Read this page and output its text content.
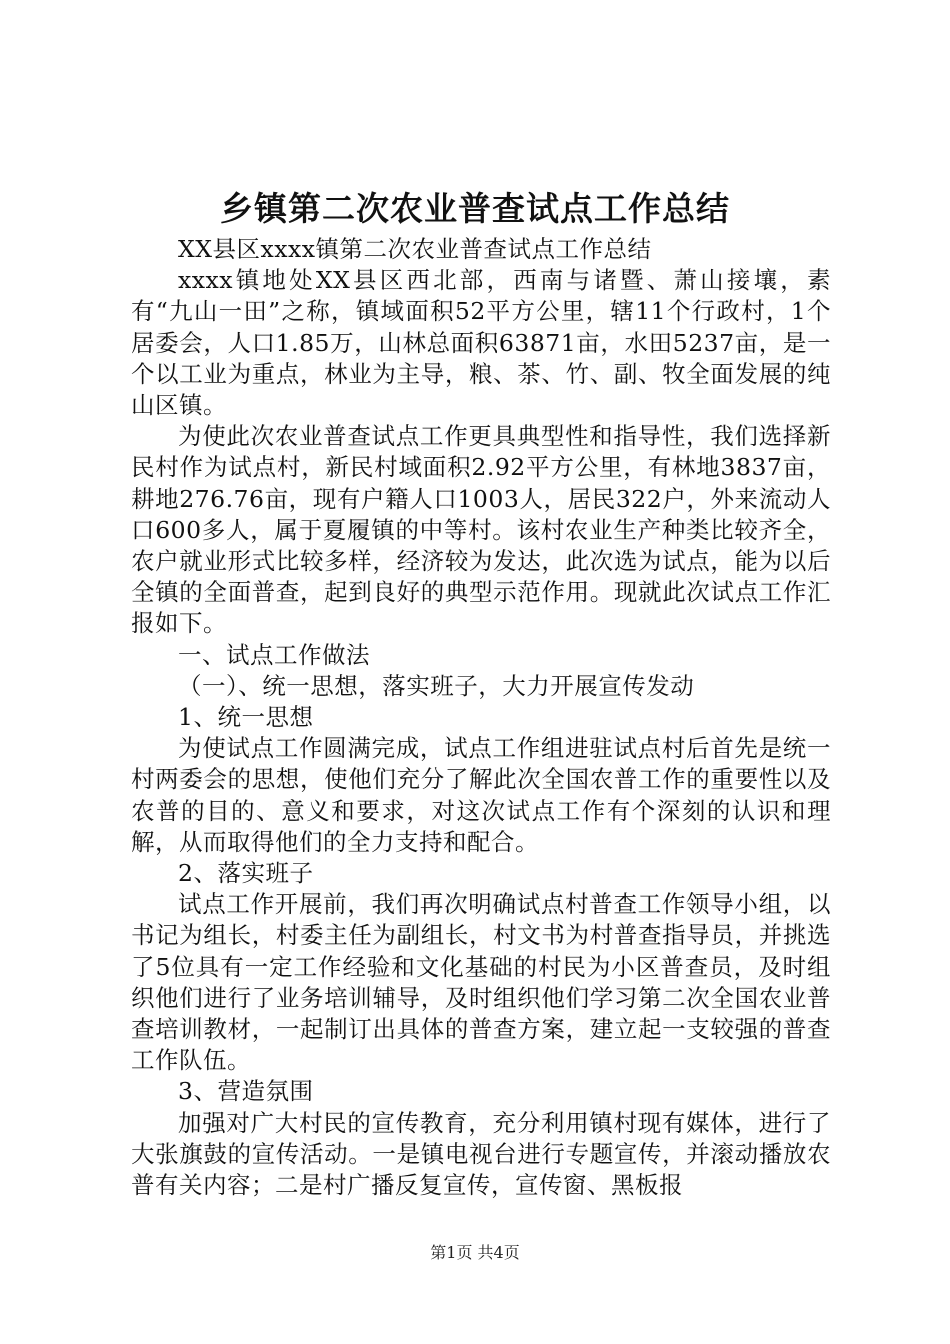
乡镇第二次农业普查试点工作总结

XX县区xxxx镇第二次农业普查试点工作总结

xxxx镇地处XX县区西北部，西南与诸暨、萧山接壤，素有“九山一田”之称，镇域面积52平方公里，辖11个行政村，1个居委会，人口1.85万，山林总面积63871亩，水田5237亩，是一个以工业为重点，林业为主导，粮、茶、竹、副、牧全面发展的纯山区镇。

为使此次农业普查试点工作更具典型性和指导性，我们选择新民村作为试点村，新民村域面积2.92平方公里，有林地3837亩，耕地276.76亩，现有户籍人口1003人，居民322户，外来流动人口600多人，属于夏履镇的中等村。该村农业生产种类比较齐全，农户就业形式比较多样，经济较为发达，此次选为试点，能为以后全镇的全面普查，起到良好的典型示范作用。现就此次试点工作汇报如下。

一、试点工作做法

（一）、统一思想，落实班子，大力开展宣传发动

1、统一思想

为使试点工作圆满完成，试点工作组进驻试点村后首先是统一村两委会的思想，使他们充分了解此次全国农普工作的重要性以及农普的目的、意义和要求，对这次试点工作有个深刻的认识和理解，从而取得他们的全力支持和配合。

2、落实班子

试点工作开展前，我们再次明确试点村普查工作领导小组，以书记为组长，村委主任为副组长，村文书为村普查指导员，并挑选了5位具有一定工作经验和文化基础的村民为小区普查员，及时组织他们进行了业务培训辅导，及时组织他们学习第二次全国农业普查培训教材，一起制订出具体的普查方案，建立起一支较强的普查工作队伍。

3、营造氛围

加强对广大村民的宣传教育，充分利用镇村现有媒体，进行了大张旗鼓的宣传活动。一是镇电视台进行专题宣传，并滚动播放农普有关内容；二是村广播反复宣传，宣传窗、黑板报

第1页 共4页
